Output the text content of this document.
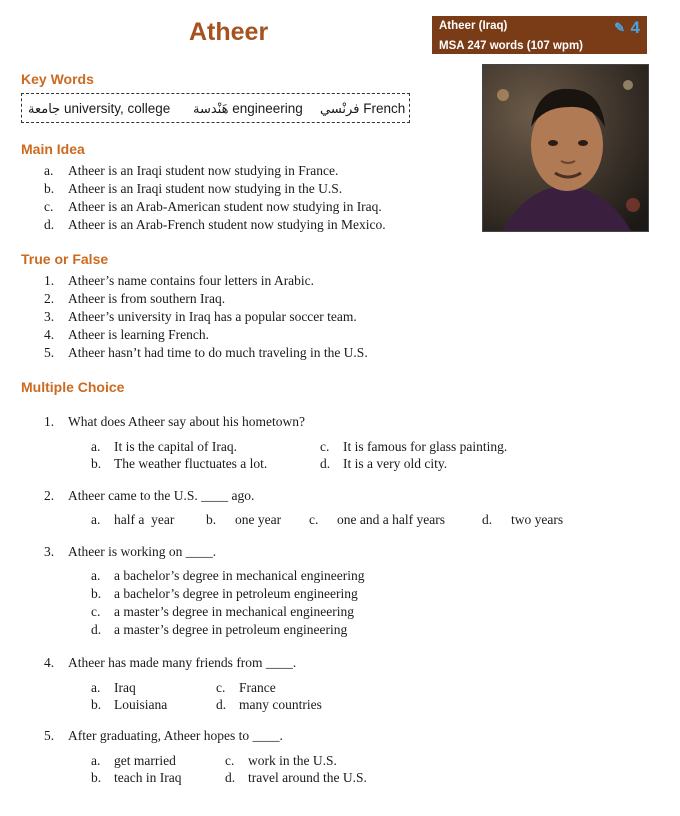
Atheer	Atheer (Iraq)
MSA 247 words (107 wpm)
✎ 4
Key Words
جامعة university, college هَنْدسة engineering فرنْسي French
Main Idea
a. Atheer is an Iraqi student now studying in France.
b. Atheer is an Iraqi student now studying in the U.S.
c. Atheer is an Arab-American student now studying in Iraq.
d. Atheer is an Arab-French student now studying in Mexico.
True or False
1. Atheer’s name contains four letters in Arabic.
2. Atheer is from southern Iraq.
3. Atheer’s university in Iraq has a popular soccer team.
4. Atheer is learning French.
5. Atheer hasn’t had time to do much traveling in the U.S.
Multiple Choice
1. What does Atheer say about his hometown?
a. It is the capital of Iraq.
b. The weather fluctuates a lot.
c. It is famous for glass painting.
d. It is a very old city.
2. Atheer came to the U.S. ____ ago.
a. half a  year b. one year c. one and a half years	d. two years
3. Atheer is working on ____.
a. a bachelor’s degree in mechanical engineering
b. a bachelor’s degree in petroleum engineering
c. a master’s degree in mechanical engineering
d. a master’s degree in petroleum engineering
4. Atheer has made many friends from ____.
a. Iraq
b. Louisiana
c. France
d. many countries
5. After graduating, Atheer hopes to ____.
a. get married
b. teach in Iraq
c. work in the U.S.
d. travel around the U.S.
